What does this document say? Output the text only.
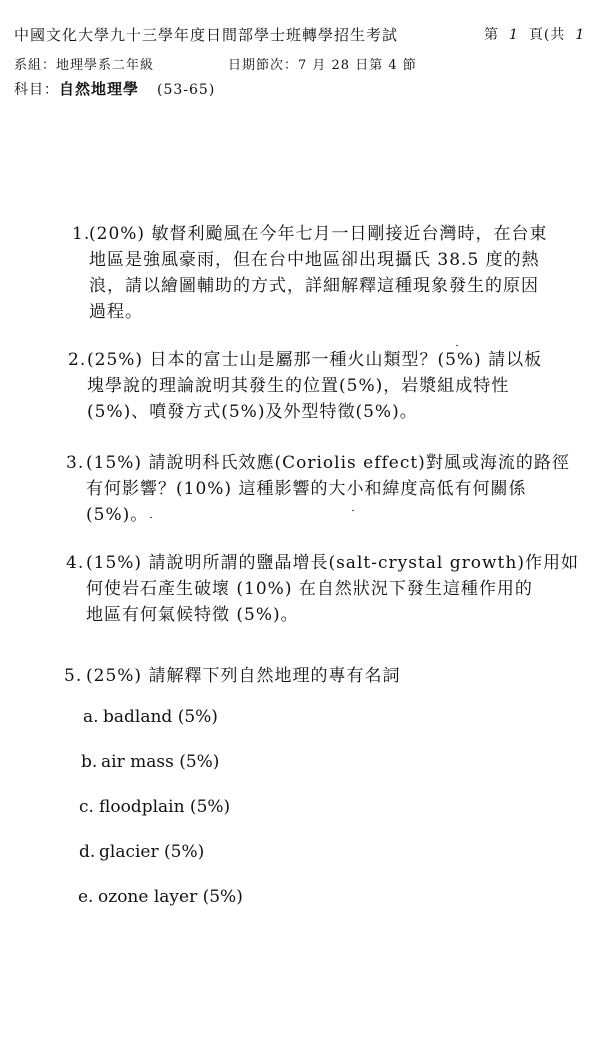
中國文化大學九十三學年度日間部學士班轉學招生考試	第 1 頁(共 1
系組：地理學系二年級	日期節次：7 月 28 日第 4 節
科目：自然地理學 (53-65)
1.
(20%) 敏督利颱風在今年七月一日剛接近台灣時，在台東
地區是強風豪雨，但在台中地區卻出現攝氏 38.5 度的熱
浪，請以繪圖輔助的方式，詳細解釋這種現象發生的原因
過程。
2. (25%) 日本的富士山是屬那一種火山類型？(5%) 請以板
塊學說的理論說明其發生的位置(5%)，岩漿組成特性
(5%)、噴發方式(5%)及外型特徵(5%)。
3. (15%) 請說明科氏效應(Coriolis effect)對風或海流的路徑
有何影響？(10%) 這種影響的大小和緯度高低有何關係
(5%)。
4. (15%) 請說明所謂的鹽晶增長(salt-crystal growth)作用如
何使岩石產生破壞 (10%) 在自然狀況下發生這種作用的
地區有何氣候特徵 (5%)。
5. (25%) 請解釋下列自然地理的專有名詞
a. badland (5%)
b. air mass (5%)
c. floodplain (5%)
d. glacier (5%)
e. ozone layer (5%)
